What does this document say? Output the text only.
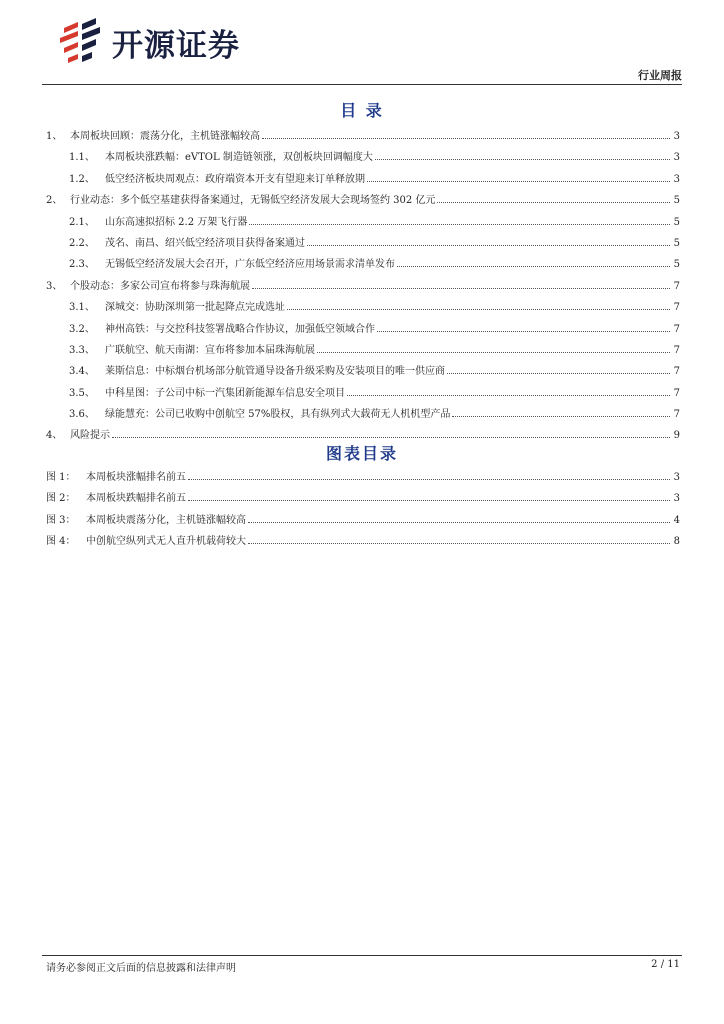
开源证券
行业周报
目 录
1、 本周板块回顾：震荡分化，主机链涨幅较高	3
1.1、	本周板块涨跌幅：eVTOL 制造链领涨，双创板块回调幅度大	3
1.2、	低空经济板块周观点：政府端资本开支有望迎来订单释放期	3
2、 行业动态：多个低空基建获得备案通过，无锡低空经济发展大会现场签约 302 亿元	5
2.1、	山东高速拟招标 2.2 万架飞行器	5
2.2、	茂名、南昌、绍兴低空经济项目获得备案通过	5
2.3、	无锡低空经济发展大会召开，广东低空经济应用场景需求清单发布	5
3、 个股动态：多家公司宣布将参与珠海航展	7
3.1、	深城交：协助深圳第一批起降点完成选址	7
3.2、	神州高铁：与交控科技签署战略合作协议，加强低空领域合作	7
3.3、	广联航空、航天南湖：宣布将参加本届珠海航展	7
3.4、	莱斯信息：中标烟台机场部分航管通导设备升级采购及安装项目的唯一供应商	7
3.5、	中科星图：子公司中标一汽集团新能源车信息安全项目	7
3.6、	绿能慧充：公司已收购中创航空 57%股权，具有纵列式大载荷无人机机型产品	7
4、 风险提示	9
图表目录
图 1：	本周板块涨幅排名前五	3
图 2：	本周板块跌幅排名前五	3
图 3：	本周板块震荡分化，主机链涨幅较高	4
图 4：	中创航空纵列式无人直升机载荷较大	8
请务必参阅正文后面的信息披露和法律声明	2 / 11
